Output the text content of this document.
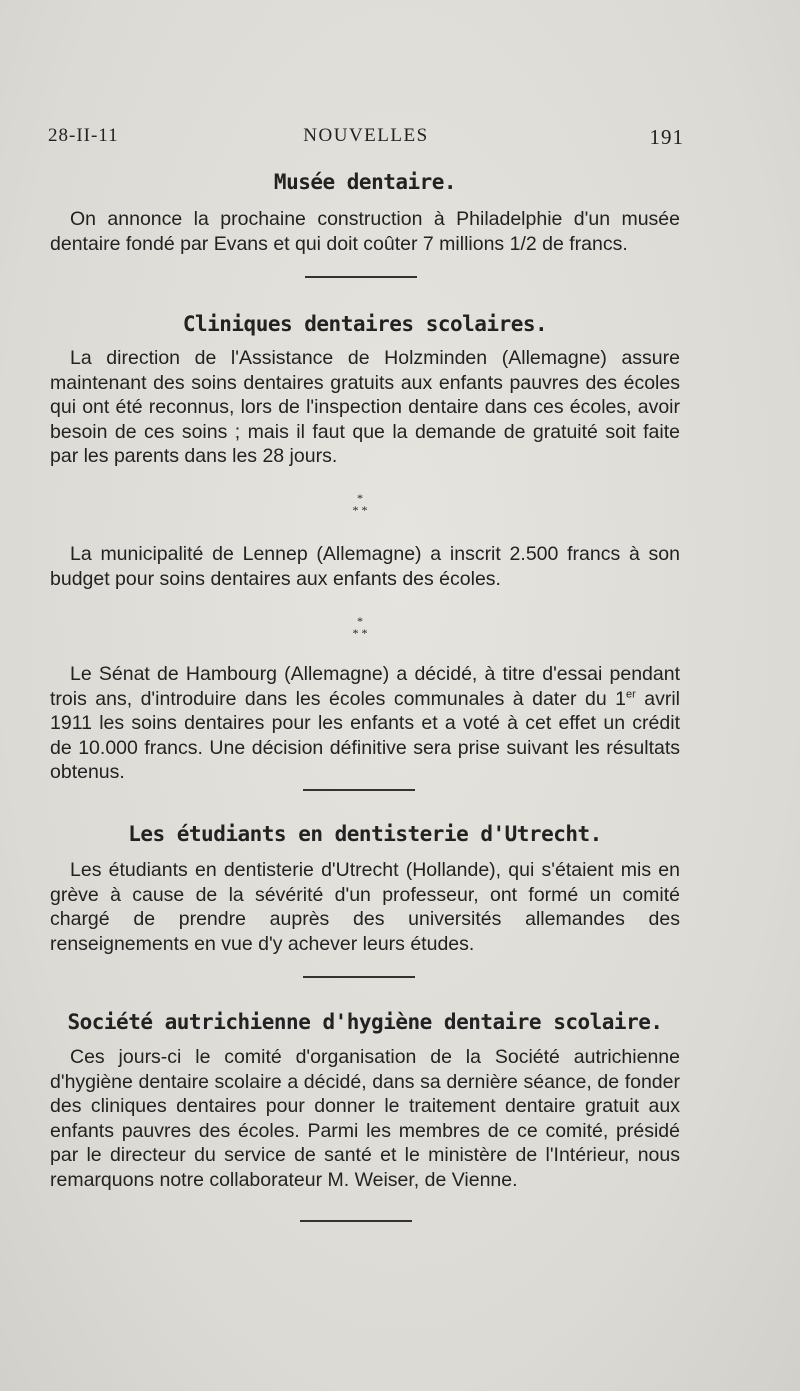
28-II-11	NOUVELLES	191
Musée dentaire.

On annonce la prochaine construction à Philadelphie d'un musée dentaire fondé par Evans et qui doit coûter 7 millions 1/2 de francs.

Cliniques dentaires scolaires.

La direction de l'Assistance de Holzminden (Allemagne) assure maintenant des soins dentaires gratuits aux enfants pauvres des écoles qui ont été reconnus, lors de l'inspection dentaire dans ces écoles, avoir besoin de ces soins ; mais il faut que la demande de gratuité soit faite par les parents dans les 28 jours.

*
* *

La municipalité de Lennep (Allemagne) a inscrit 2.500 francs à son budget pour soins dentaires aux enfants des écoles.

*
* *

Le Sénat de Hambourg (Allemagne) a décidé, à titre d'essai pendant trois ans, d'introduire dans les écoles communales à dater du 1er avril 1911 les soins dentaires pour les enfants et a voté à cet effet un crédit de 10.000 francs. Une décision définitive sera prise suivant les résultats obtenus.

Les étudiants en dentisterie d'Utrecht.

Les étudiants en dentisterie d'Utrecht (Hollande), qui s'étaient mis en grève à cause de la sévérité d'un professeur, ont formé un comité chargé de prendre auprès des universités allemandes des renseignements en vue d'y achever leurs études.

Société autrichienne d'hygiène dentaire scolaire.

Ces jours-ci le comité d'organisation de la Société autrichienne d'hygiène dentaire scolaire a décidé, dans sa dernière séance, de fonder des cliniques dentaires pour donner le traitement dentaire gratuit aux enfants pauvres des écoles. Parmi les membres de ce comité, présidé par le directeur du service de santé et le ministère de l'Intérieur, nous remarquons notre collaborateur M. Weiser, de Vienne.
